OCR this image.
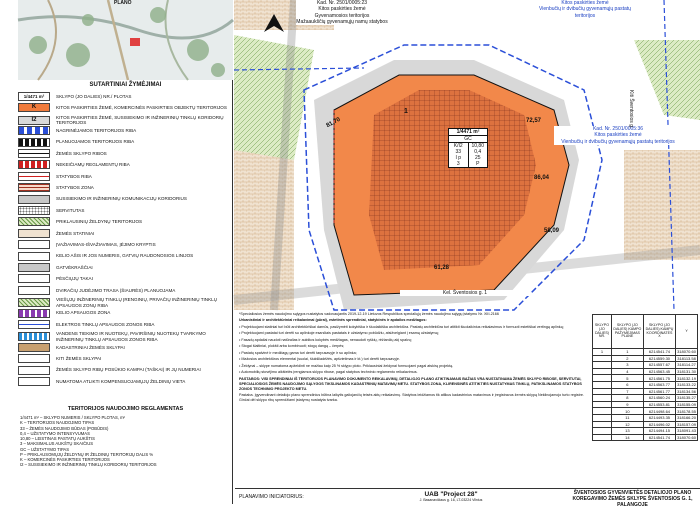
PLANO
SUTARTINIAI ŽYMĖJIMAI
1/4471 m²	SKLYPO (JO DALIES) NR./ PLOTAS
K	KITOS PASKIRTIES ŽEMĖ, KOMERCINĖS PASKIRTIES OBJEKTŲ TERITORIJOS
I2	KITOS PASKIRTIES ŽEMĖ, SUSISIEKIMO IR INŽINERINIŲ TINKLŲ KORIDORIŲ TERITORIJOS
NAGRINĖJAMOS TERITORIJOS RIBA
PLANUOJAMOS TERITORIJOS RIBA
ŽEMĖS SKLYPO RIBOS
NEKEIČIAMŲ REGLAMENTŲ RIBA
STATYBOS RIBA
STATYBOS ZONA
SUSISIEKIMO IR INŽINERINIŲ KOMUNIKACIJŲ KORIDORIUS
SERVITUTAS
PRIKLAUSINIŲ ŽELDYNŲ TERITORIJOS
ŽEMĖS STATINIAI
ĮVAŽIAVIMAS-IŠVAŽIAVIMAS, ĮĖJIMO KRYPTIS
KELIO AŠIS IR JOS NUMERIS, GATVIŲ RAUDONOSIOS LINIJOS
GATVĖKRAŠČIAI
PĖSČIŲJŲ TAKAI
DVIRAČIŲ JUDĖJIMO TRASA (ŠIAURĖS) PLANUOJAMA
VIEŠŲJŲ INŽINERINIŲ TINKLŲ ĮRENGINIŲ, PRIVAČIŲ INŽINERINIŲ TINKLŲ APSAUGOS ZONŲ RIBA
KELIO APSAUGOS ZONA
ELEKTROS TINKLŲ APSAUGOS ZONOS RIBA
VANDENS TIEKIMO IR NUOTEKŲ, PAVIRŠINIŲ NUOTEKŲ TVARKYMO INŽINERINIŲ TINKLŲ APSAUGOS ZONOS RIBA
KADASTRINIAI ŽEMĖS SKLYPAI
KITI ŽEMĖS SKLYPAI
ŽEMĖS SKLYPO RIBŲ POSŪKIO KAMPAI (TAŠKAI) IR JŲ NUMERIAI
NUMATOMA ATLIKTI KOMPENSUOJAMŲJŲ ŽELDINIŲ VIETA
TERITORIJOS NAUDOJIMO REGLAMENTAS
1/4471 m² – SKLYPO NUMERIS / SKLYPO PLOTAS, m²
K – TERITORIJOS NAUDOJIMO TIPAS
33 – ŽEMĖS NAUDOJIMO BŪDAS (POBŪDIS)
0,4 – UŽSTATYMO INTENSYVUMAS
10,80 – LEISTINAS PASTATŲ AUKŠTIS
3 – MAKSIMALUS AUKŠTŲ SKAIČIUS
GC – UŽSTATYMO TIPAS
P – PRIKLAUSOMŲJŲ ŽELDYNŲ IR ŽELDINIŲ TERITORIJŲ DALIS %
K – KOMERCINĖS PASKIRTIES TERITORIJOS
I2 – SUSISIEKIMO IR INŽINERINIŲ TINKLŲ KORIDORIŲ TERITORIJOS
Kad. Nr. 2501/0005:23
Kitos paskirties žemė
Gyvenamosios teritorijos
Mažaaukščių gyvenamųjų namų statybos
Kitos paskirties žemė
Vienbučių ir dvibučių gyvenamųjų pastatų teritorijos
Kad. Nr. 2501/0005:36
Kitos paskirties žemė
Vienbučių ir dvibučių gyvenamųjų pastatų teritorijos
1/4471 m²
GC
K/I2	10,80
33	0,4
I p	25
3	P
81,70	72,57
86,04
58,09
61,28
1
Kel. Šventosios g. 1
Kiti Šventosios g.

*Specialiosios žemės naudojimo sąlygos nustatytos vadovaujantis 2019-12-19 Lietuvos Respublikos specialiųjų žemės naudojimo sąlygų įstatymu Nr. XIII-2166

Urbanistiniai ir architektūriniai reikalavimai (pūrai), estetinės sprendiniai, statybinės ir apdailos medžiagos:

• Projektuojami statiniai turi būti architektūriškai darnūs, pasižymėti kokybiška ir šiuolaikiška architektūra. Pastatų architektūra turi atitikti šiuolaikinius reikalavimus ir formuoti estetiškai vertingą aplinką;

• Projektuojami pastatai turi derėti su aplinkoje esančiais pastatais ir užstatymo pobūdžiu, atsižvelgiant į esamą užstatymą;

• Fasadų apdailai naudoti natūralias ir aukštos kokybės medžiagas, nenaudoti ryškių, rėžiančių akį spalvų;

• Stogai šlaitiniai, plokšti arba kombinuoti; stogų dangą – čerpės;

• Pastatų spalvinė ir medžiagų gama turi derėti tarpusavyje ir su aplinka;

• Mažosios architektūros elementai (suolai, šiukšliadėžės, apšvietimas ir kt.) turi derėti tarpusavyje.

• Želdynai – sklype numatoma apželdinti ne mažiau kaip 25 % sklypo ploto. Priklausiniai želdynai formuojami pagal atskirą projektą.

• Automobilių stovėjimo aikštelės įrengiamos sklypo ribose, pagal statybos techninio reglamento reikalavimus.

PASTABOS: VISI SPRENDINIAI IŠ TERITORIJOS PLANAVIMO DOKUMENTO REIKALAVIMŲ, DETALIOJO PLANO ATIKTINAMAIS BAŽIAS VRA NUSTATINAMA ŽEMĖS SKLYPO RIBOSE, SERVITUTAI, SPECIALIOSIOS ŽEMĖS NAUDOJIMO SĄLYGOS TIKSLINAMOS KADASTRINIŲ MATAVIMŲ METU. STATYBOS ZONA, KLIRENSINĖS ATITIKTIES NUSTATYMAS TINKLŲ, PATIKSLINAMOS STATYBOS ZONOS TECHNINIO PROJEKTO METU.

Pastaba. Įgyvendinant detaliojo plano sprendinius būtina laikytis galiojančių teisės aktų reikalavimų. Statybos leidžiamos tik atlikus kadastrinius matavimus ir įregistravus žemės sklypą Nekilnojamojo turto registre. Ginčai dėl sklypo ribų sprendžiami įstatymų nustatyta tvarka.

SKLYPO (JO DALIES) NR.	SKLYPO (JO DALIES) KAMPO PAŽYMĖJIMAS PLANE	SKLYPO (JO DALIES) KAMPŲ KOORDINATĖS X	Y
1	1	6214541.74	318070.60
	2	6214559.30	318113.58
	3	6214557.67	318114.27
	4	6214563.45	318131.30
	5	6214561.75	318132.19
	6	6214563.77	318133.22
	7	6214561.77	318134.56
	8	6214560.24	318135.27
	9	6214553.81	318155.09
	10	6214498.64	318178.55
	11	6214493.35	318166.20
	12	6214496.02	318157.09
	13	6214494.15	318091.43
	14	6214541.74	318070.60
PLANAVIMO INICIATORIUS:	UAB "Project 28"
J. Basanavičiaus g. 16, LT-03224 Vilnius
ŠVENTOSIOS GYVENVIETĖS DETALIOJO PLANO KOREGAVIMO ŽEMĖS SKLYPE ŠVENTOSIOS G. 1, PALANGOJE
